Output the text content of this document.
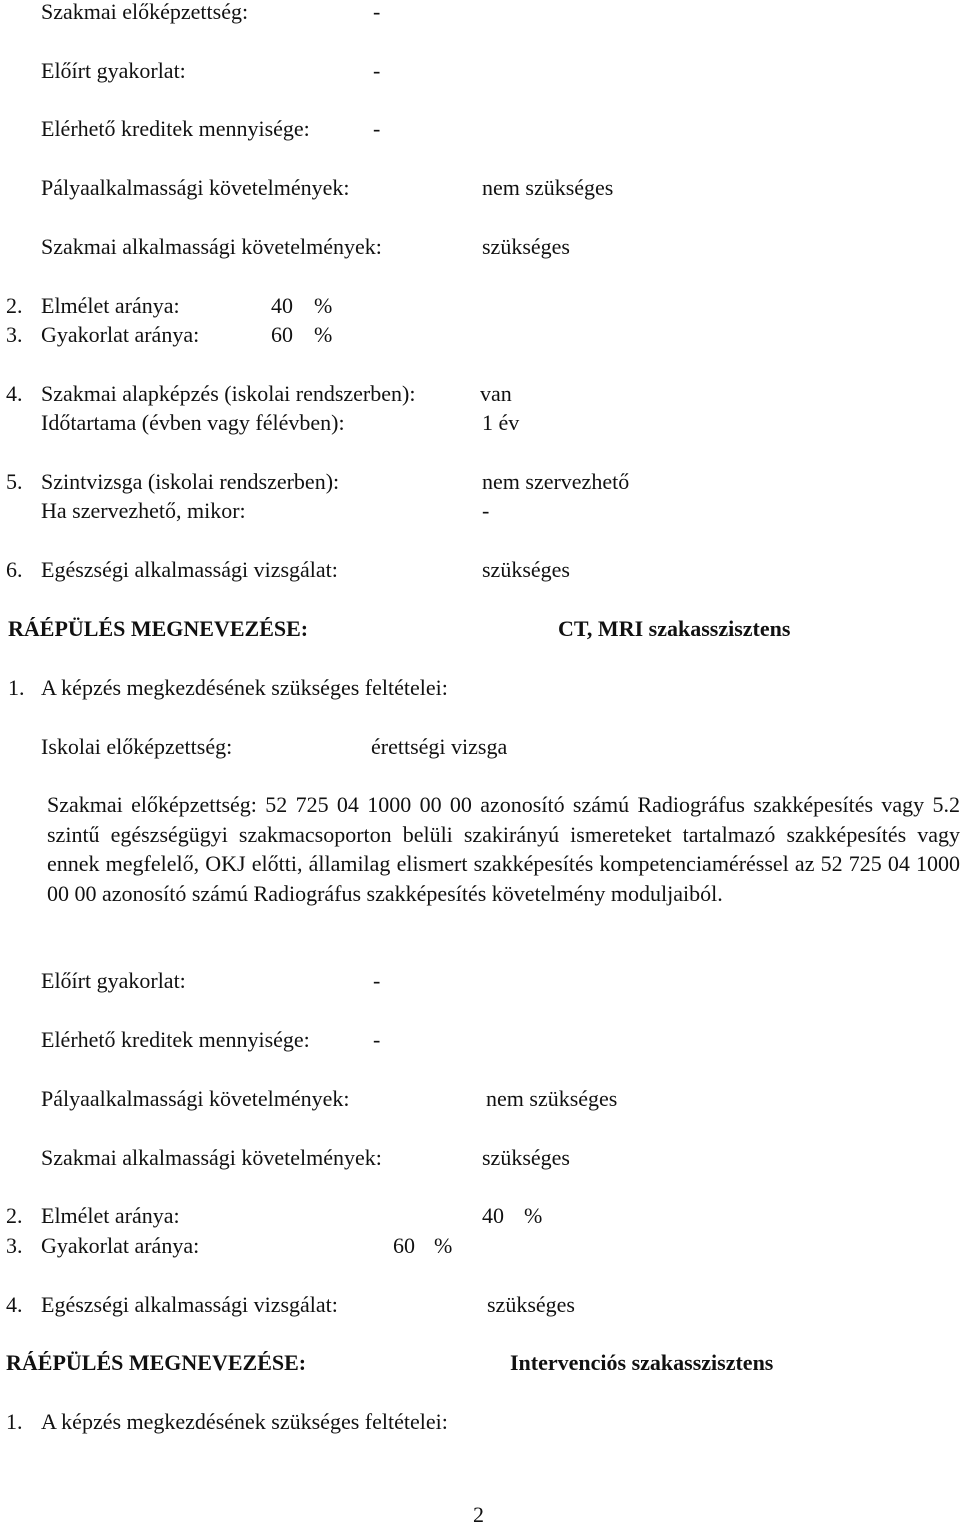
Szakmai előképzettség:	-
Előírt gyakorlat:	-
Elérhető kreditek mennyisége:	-
Pályaalkalmassági követelmények:	nem szükséges
Szakmai alkalmassági követelmények:	szükséges
2. Elmélet aránya:	40 %
3. Gyakorlat aránya:	60 %
4. Szakmai alapképzés (iskolai rendszerben):	van
Időtartama (évben vagy félévben):	1 év
5. Szintvizsga (iskolai rendszerben):	nem szervezhető
Ha szervezhető, mikor:	-
6. Egészségi alkalmassági vizsgálat:	szükséges
RÁÉPÜLÉS MEGNEVEZÉSE:	CT, MRI szakasszisztens
1. A képzés megkezdésének szükséges feltételei:
Iskolai előképzettség:	érettségi vizsga
Szakmai előképzettség: 52 725 04 1000 00 00 azonosító számú Radiográfus szakképesítés vagy 5.2 szintű egészségügyi szakmacsoporton belüli szakirányú ismereteket tartalmazó szakképesítés vagy ennek megfelelő, OKJ előtti, államilag elismert szakképesítés kompetenciaméréssel az 52 725 04 1000 00 00 azonosító számú Radiográfus szakképesítés követelmény moduljaiból.
Előírt gyakorlat:	-
Elérhető kreditek mennyisége:	-
Pályaalkalmassági követelmények:	nem szükséges
Szakmai alkalmassági követelmények:	szükséges
2. Elmélet aránya:	40 %
3. Gyakorlat aránya:	60 %
4. Egészségi alkalmassági vizsgálat:	szükséges
RÁÉPÜLÉS MEGNEVEZÉSE:	Intervenciós szakasszisztens
1. A képzés megkezdésének szükséges feltételei:
2
